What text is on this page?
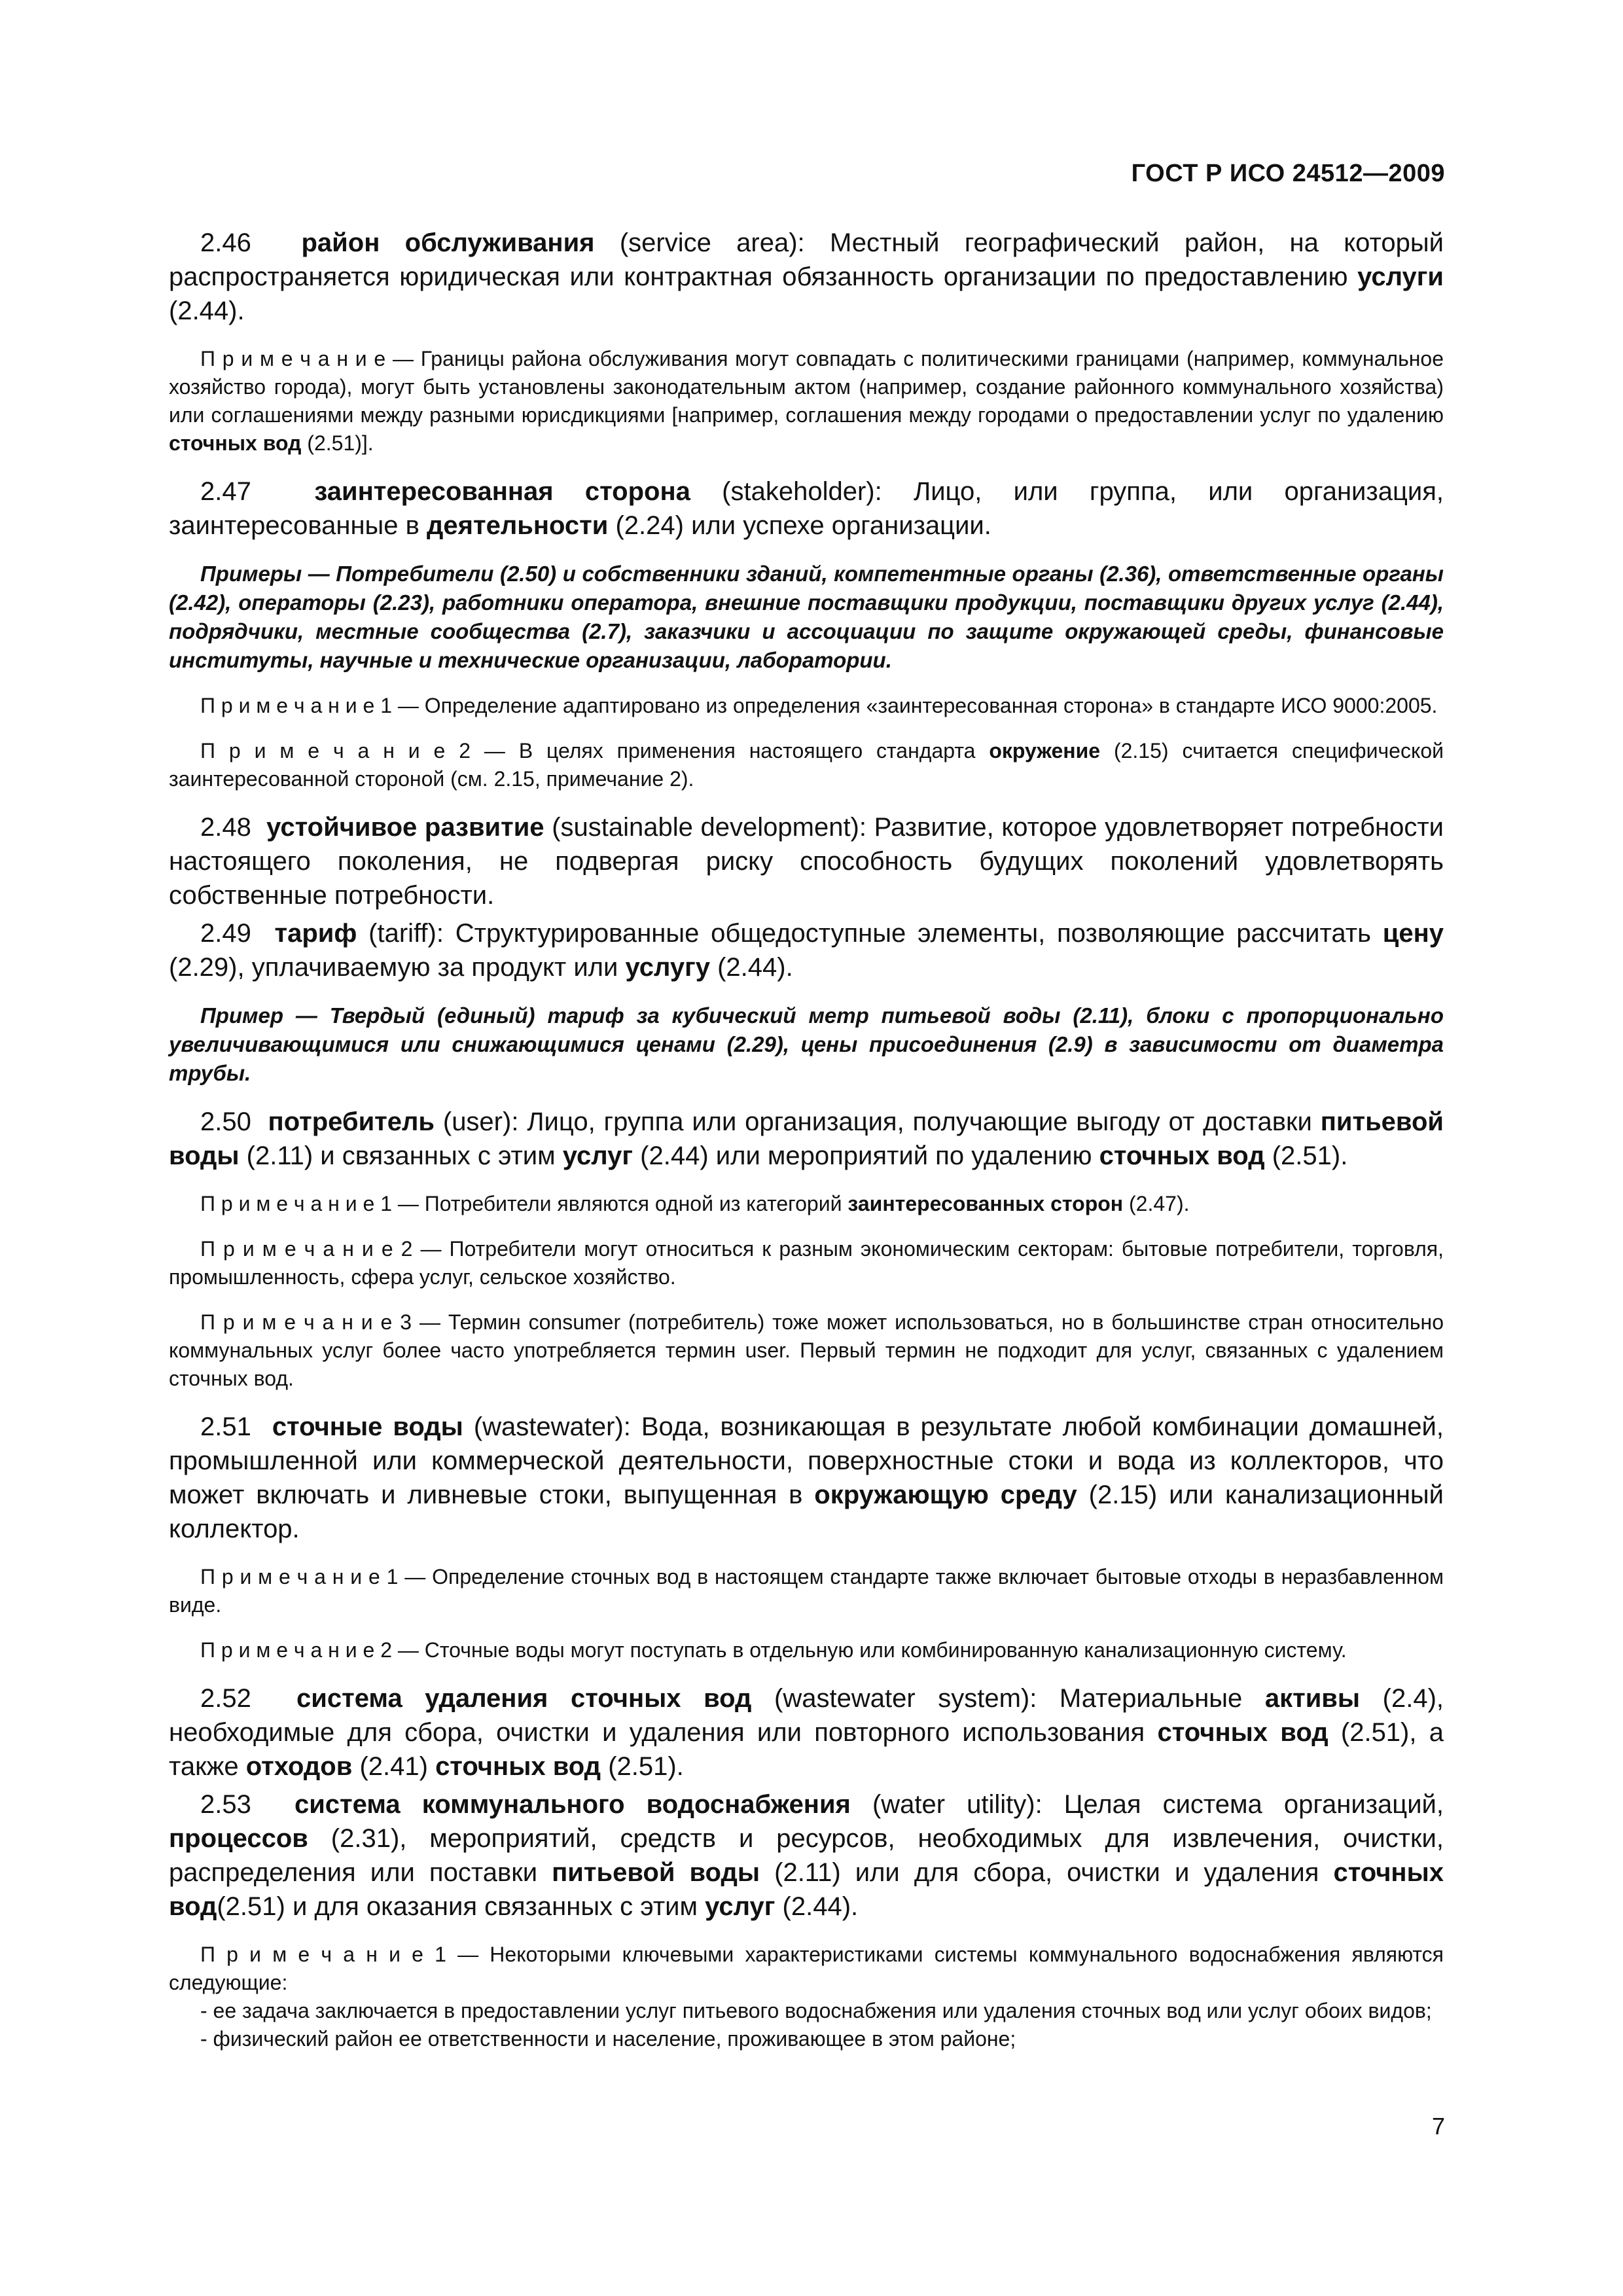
ГОСТ Р ИСО 24512—2009

2.46 район обслуживания (service area): Местный географический район, на который распространяется юридическая или контрактная обязанность организации по предоставлению услуги (2.44).

П р и м е ч а н и е — Границы района обслуживания могут совпадать с политическими границами (например, коммунальное хозяйство города), могут быть установлены законодательным актом (например, создание районного коммунального хозяйства) или соглашениями между разными юрисдикциями [например, соглашения между городами о предоставлении услуг по удалению сточных вод (2.51)].

2.47 заинтересованная сторона (stakeholder): Лицо, или группа, или организация, заинтересованные в деятельности (2.24) или успехе организации.

Примеры — Потребители (2.50) и собственники зданий, компетентные органы (2.36), ответственные органы (2.42), операторы (2.23), работники оператора, внешние поставщики продукции, поставщики других услуг (2.44), подрядчики, местные сообщества (2.7), заказчики и ассоциации по защите окружающей среды, финансовые институты, научные и технические организации, лаборатории.

П р и м е ч а н и е 1 — Определение адаптировано из определения «заинтересованная сторона» в стандарте ИСО 9000:2005.

П р и м е ч а н и е 2 — В целях применения настоящего стандарта окружение (2.15) считается специфической заинтересованной стороной (см. 2.15, примечание 2).

2.48 устойчивое развитие (sustainable development): Развитие, которое удовлетворяет потребности настоящего поколения, не подвергая риску способность будущих поколений удовлетворять собственные потребности.

2.49 тариф (tariff): Структурированные общедоступные элементы, позволяющие рассчитать цену (2.29), уплачиваемую за продукт или услугу (2.44).

Пример — Твердый (единый) тариф за кубический метр питьевой воды (2.11), блоки с пропорционально увеличивающимися или снижающимися ценами (2.29), цены присоединения (2.9) в зависимости от диаметра трубы.

2.50 потребитель (user): Лицо, группа или организация, получающие выгоду от доставки питьевой воды (2.11) и связанных с этим услуг (2.44) или мероприятий по удалению сточных вод (2.51).

П р и м е ч а н и е 1 — Потребители являются одной из категорий заинтересованных сторон (2.47).

П р и м е ч а н и е 2 — Потребители могут относиться к разным экономическим секторам: бытовые потребители, торговля, промышленность, сфера услуг, сельское хозяйство.

П р и м е ч а н и е 3 — Термин consumer (потребитель) тоже может использоваться, но в большинстве стран относительно коммунальных услуг более часто употребляется термин user. Первый термин не подходит для услуг, связанных с удалением сточных вод.

2.51 сточные воды (wastewater): Вода, возникающая в результате любой комбинации домашней, промышленной или коммерческой деятельности, поверхностные стоки и вода из коллекторов, что может включать и ливневые стоки, выпущенная в окружающую среду (2.15) или канализационный коллектор.

П р и м е ч а н и е 1 — Определение сточных вод в настоящем стандарте также включает бытовые отходы в неразбавленном виде.

П р и м е ч а н и е 2 — Сточные воды могут поступать в отдельную или комбинированную канализационную систему.

2.52 система удаления сточных вод (wastewater system): Материальные активы (2.4), необходимые для сбора, очистки и удаления или повторного использования сточных вод (2.51), а также отходов (2.41) сточных вод (2.51).

2.53 система коммунального водоснабжения (water utility): Целая система организаций, процессов (2.31), мероприятий, средств и ресурсов, необходимых для извлечения, очистки, распределения или поставки питьевой воды (2.11) или для сбора, очистки и удаления сточных вод(2.51) и для оказания связанных с этим услуг (2.44).

П р и м е ч а н и е 1 — Некоторыми ключевыми характеристиками системы коммунального водоснабжения являются следующие:

- ее задача заключается в предоставлении услуг питьевого водоснабжения или удаления сточных вод или услуг обоих видов;

- физический район ее ответственности и население, проживающее в этом районе;

7
